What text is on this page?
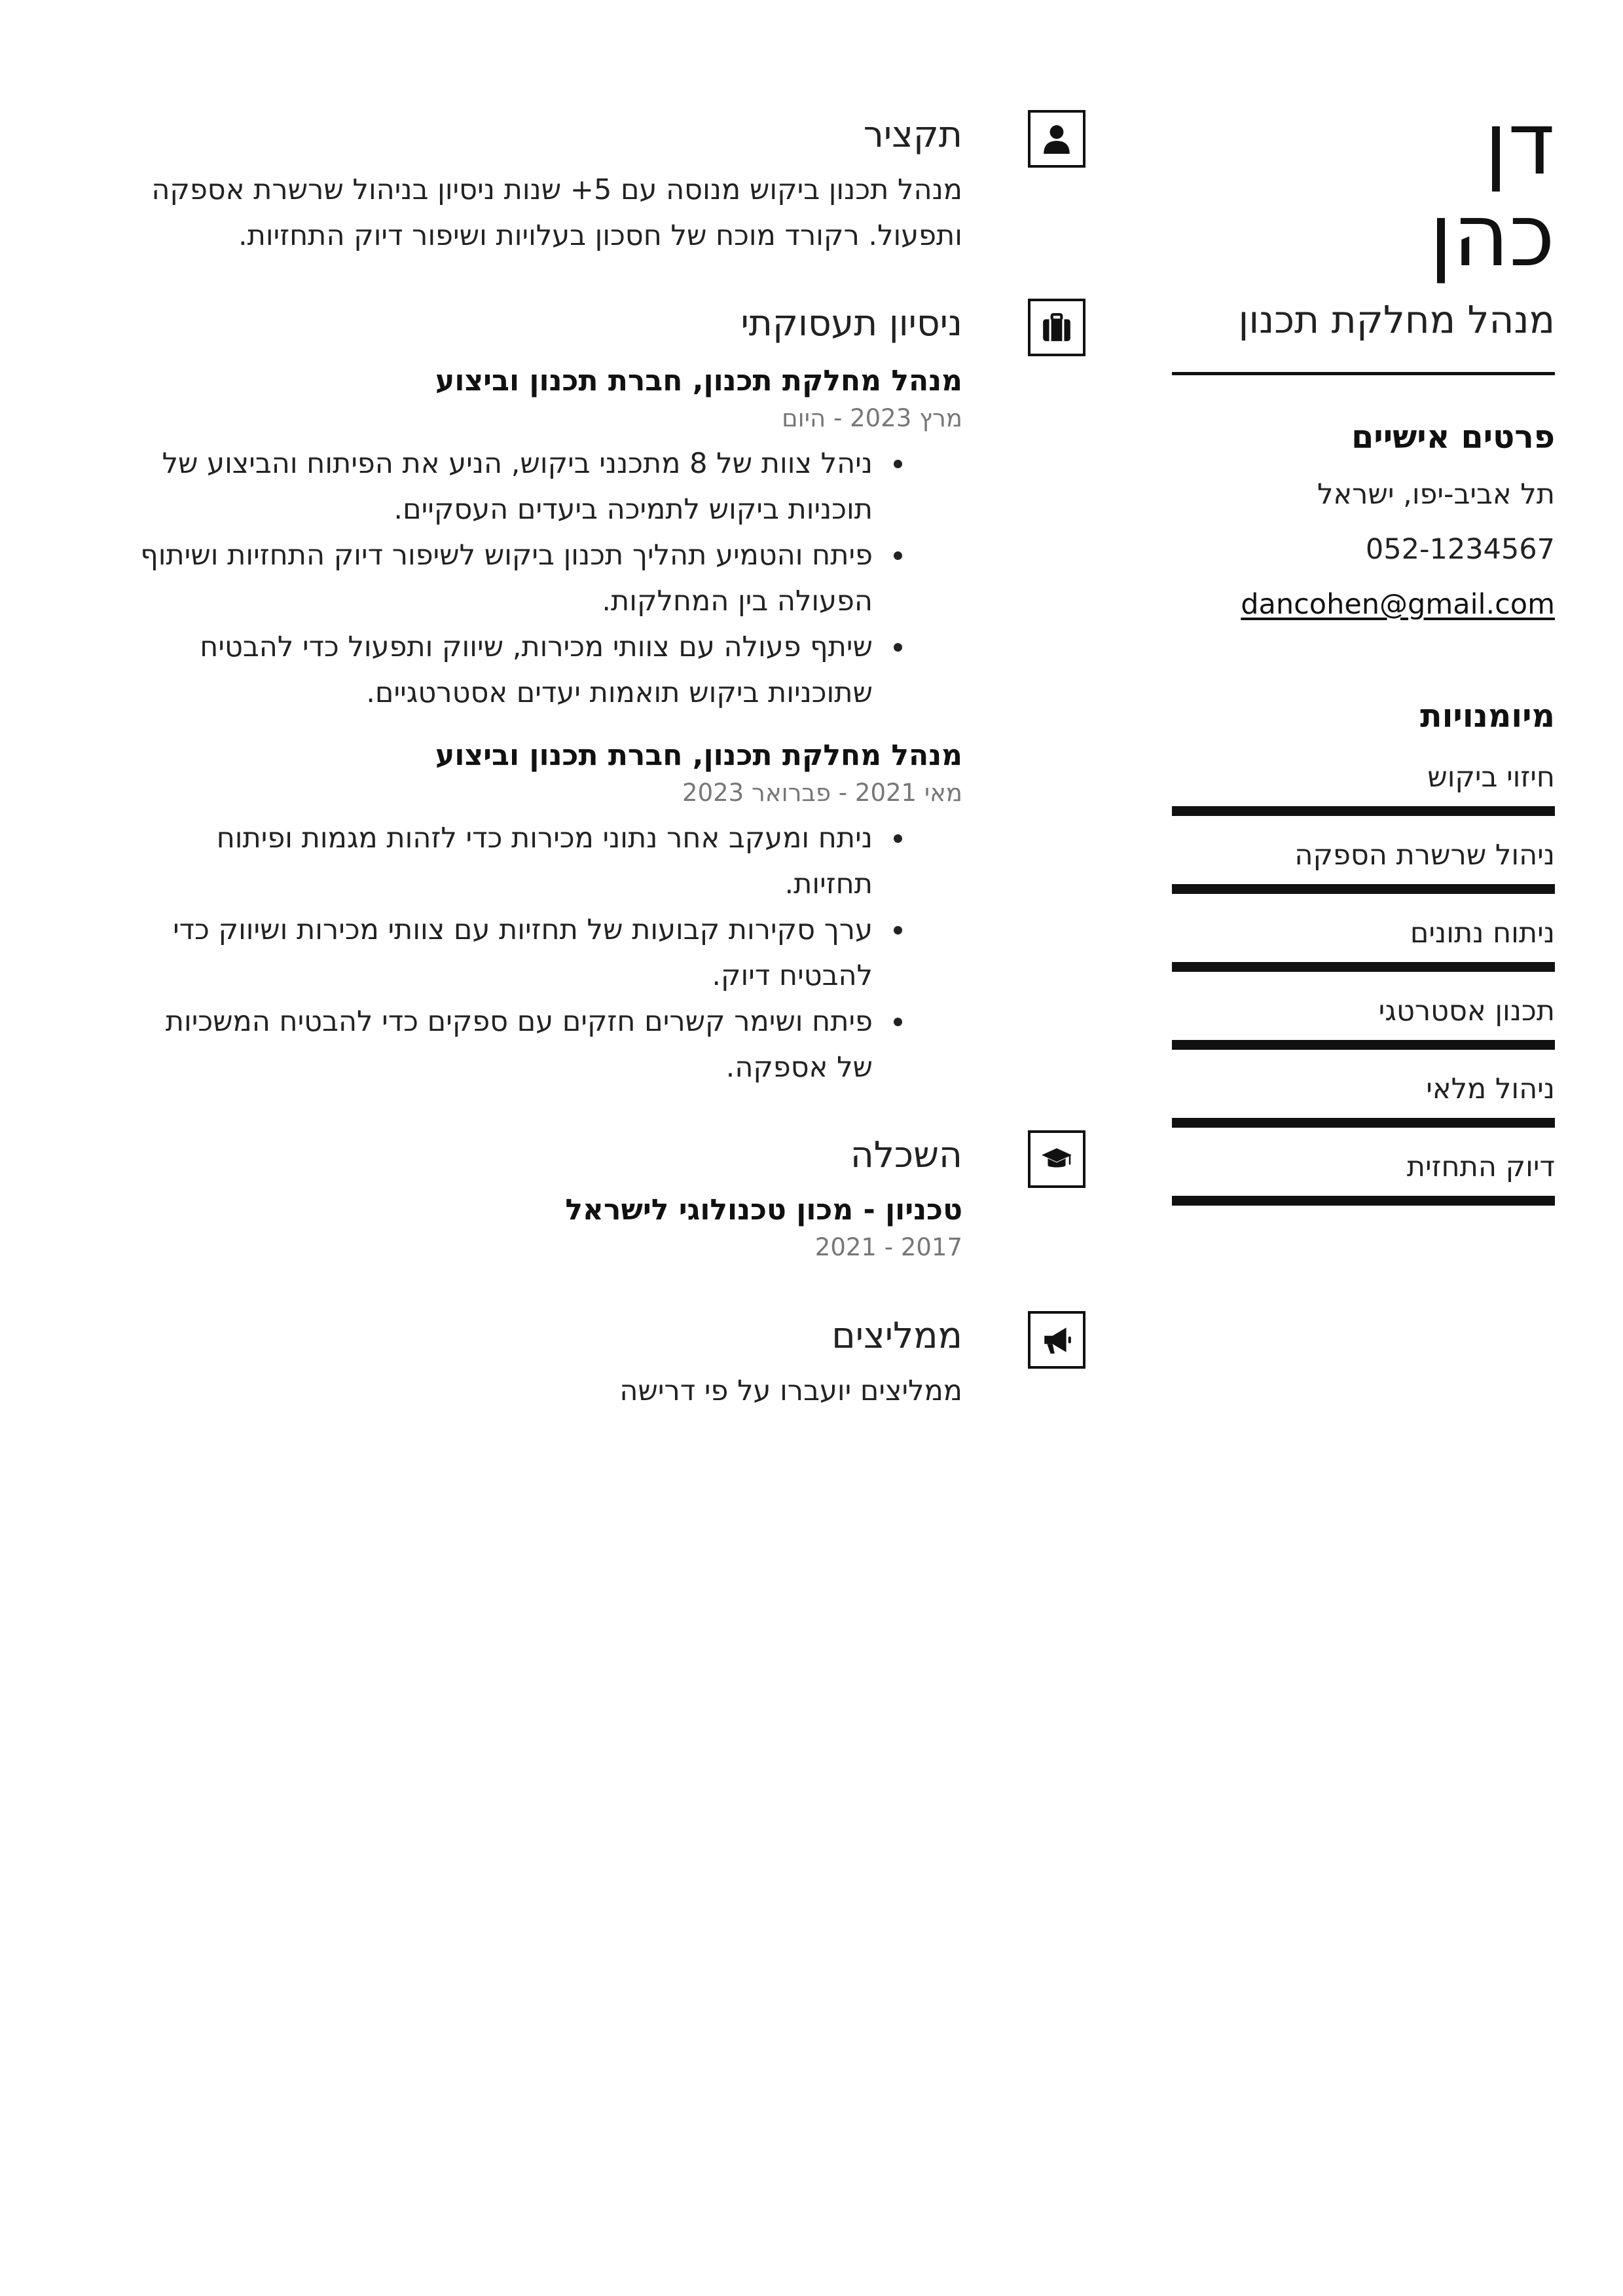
דן
כהן
מנהל מחלקת תכנון
פרטים אישיים
תל אביב-יפו, ישראל
052-1234567
dancohen@gmail.com
מיומנויות
חיזוי ביקוש
ניהול שרשרת הספקה
ניתוח נתונים
תכנון אסטרטגי
ניהול מלאי
דיוק התחזית
תקציר
מנהל תכנון ביקוש מנוסה עם 5+ שנות ניסיון בניהול שרשרת אספקה ותפעול. רקורד מוכח של חסכון בעלויות ושיפור דיוק התחזיות.
ניסיון תעסוקתי
מנהל מחלקת תכנון, חברת תכנון וביצוע
מרץ 2023 - היום
• ניהל צוות של 8 מתכנני ביקוש, הניע את הפיתוח והביצוע של תוכניות ביקוש לתמיכה ביעדים העסקיים.
• פיתח והטמיע תהליך תכנון ביקוש לשיפור דיוק התחזיות ושיתוף הפעולה בין המחלקות.
• שיתף פעולה עם צוותי מכירות, שיווק ותפעול כדי להבטיח שתוכניות ביקוש תואמות יעדים אסטרטגיים.
מנהל מחלקת תכנון, חברת תכנון וביצוע
מאי 2021 - פברואר 2023
• ניתח ומעקב אחר נתוני מכירות כדי לזהות מגמות ופיתוח תחזיות.
• ערך סקירות קבועות של תחזיות עם צוותי מכירות ושיווק כדי להבטיח דיוק.
• פיתח ושימר קשרים חזקים עם ספקים כדי להבטיח המשכיות של אספקה.
השכלה
טכניון - מכון טכנולוגי לישראל
2017 - 2021
ממליצים
ממליצים יועברו על פי דרישה
